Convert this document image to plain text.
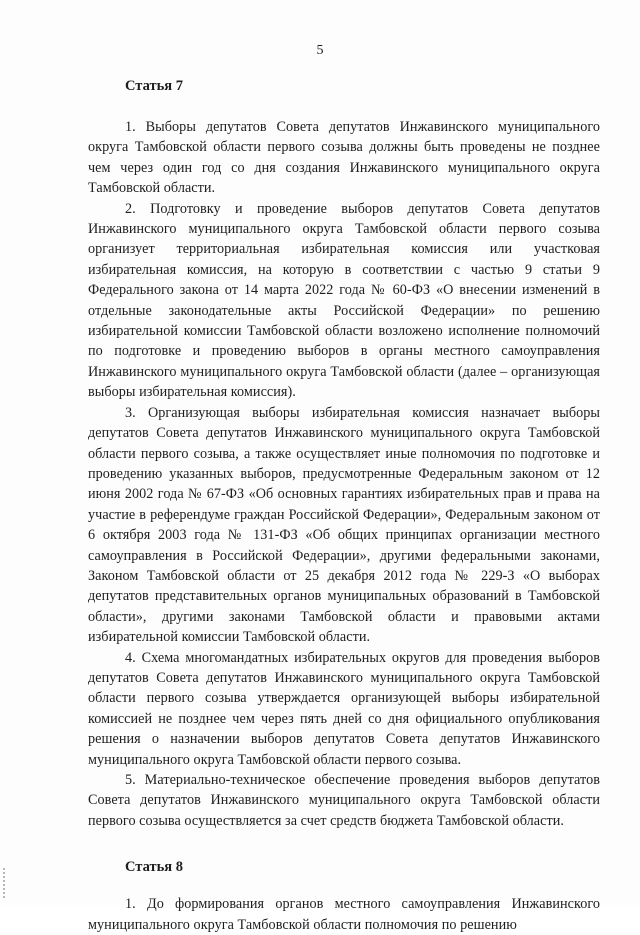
5
Статья 7

1. Выборы депутатов Совета депутатов Инжавинского муниципального округа Тамбовской области первого созыва должны быть проведены не позднее чем через один год со дня создания Инжавинского муниципального округа Тамбовской области.

2. Подготовку и проведение выборов депутатов Совета депутатов Инжавинского муниципального округа Тамбовской области первого созыва организует территориальная избирательная комиссия или участковая избирательная комиссия, на которую в соответствии с частью 9 статьи 9 Федерального закона от 14 марта 2022 года № 60-ФЗ «О внесении изменений в отдельные законодательные акты Российской Федерации» по решению избирательной комиссии Тамбовской области возложено исполнение полномочий по подготовке и проведению выборов в органы местного самоуправления Инжавинского муниципального округа Тамбовской области (далее – организующая выборы избирательная комиссия).

3. Организующая выборы избирательная комиссия назначает выборы депутатов Совета депутатов Инжавинского муниципального округа Тамбовской области первого созыва, а также осуществляет иные полномочия по подготовке и проведению указанных выборов, предусмотренные Федеральным законом от 12 июня 2002 года № 67-ФЗ «Об основных гарантиях избирательных прав и права на участие в референдуме граждан Российской Федерации», Федеральным законом от 6 октября 2003 года № 131-ФЗ «Об общих принципах организации местного самоуправления в Российской Федерации», другими федеральными законами, Законом Тамбовской области от 25 декабря 2012 года № 229-З «О выборах депутатов представительных органов муниципальных образований в Тамбовской области», другими законами Тамбовской области и правовыми актами избирательной комиссии Тамбовской области.

4. Схема многомандатных избирательных округов для проведения выборов депутатов Совета депутатов Инжавинского муниципального округа Тамбовской области первого созыва утверждается организующей выборы избирательной комиссией не позднее чем через пять дней со дня официального опубликования решения о назначении выборов депутатов Совета депутатов Инжавинского муниципального округа Тамбовской области первого созыва.

5. Материально-техническое обеспечение проведения выборов депутатов Совета депутатов Инжавинского муниципального округа Тамбовской области первого созыва осуществляется за счет средств бюджета Тамбовской области.

Статья 8

1. До формирования органов местного самоуправления Инжавинского муниципального округа Тамбовской области полномочия по решению
